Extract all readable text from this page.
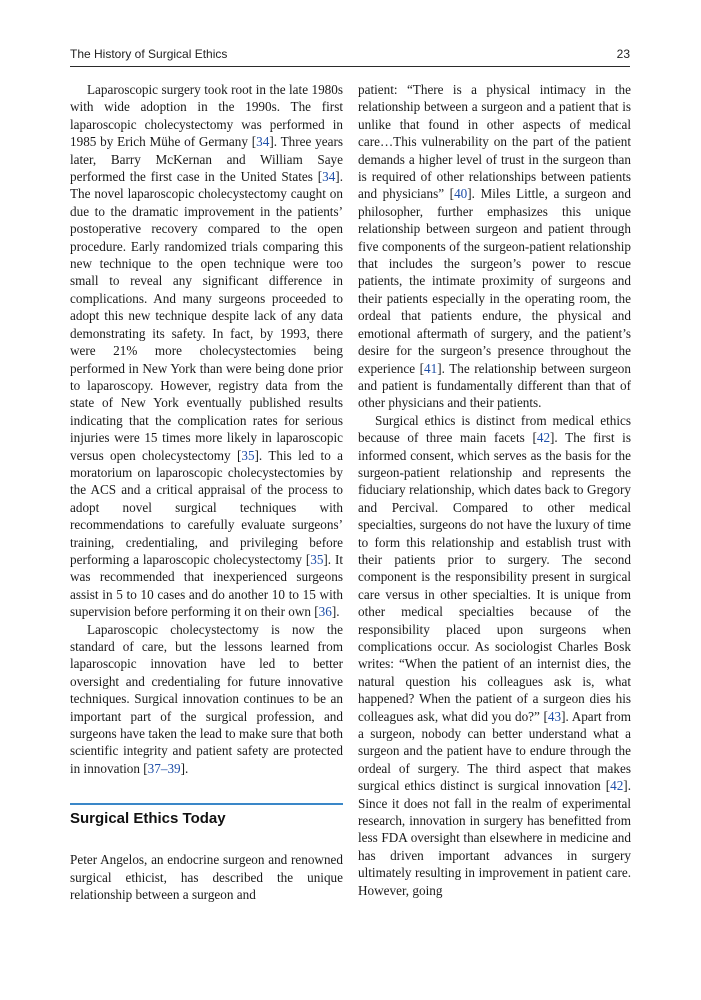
The History of Surgical Ethics	23

Laparoscopic surgery took root in the late 1980s with wide adoption in the 1990s. The first laparoscopic cholecystectomy was performed in 1985 by Erich Mühe of Germany [34]. Three years later, Barry McKernan and William Saye performed the first case in the United States [34]. The novel laparoscopic cholecystectomy caught on due to the dramatic improvement in the patients’ postoperative recovery compared to the open procedure. Early randomized trials comparing this new technique to the open technique were too small to reveal any significant difference in complications. And many surgeons proceeded to adopt this new technique despite lack of any data demonstrating its safety. In fact, by 1993, there were 21% more cholecystectomies being performed in New York than were being done prior to laparoscopy. However, registry data from the state of New York eventually published results indicating that the complication rates for serious injuries were 15 times more likely in laparoscopic versus open cholecystectomy [35]. This led to a moratorium on laparoscopic cholecystectomies by the ACS and a critical appraisal of the process to adopt novel surgical techniques with recommendations to carefully evaluate surgeons’ training, credentialing, and privileging before performing a laparoscopic cholecystectomy [35]. It was recommended that inexperienced surgeons assist in 5 to 10 cases and do another 10 to 15 with supervision before performing it on their own [36].

Laparoscopic cholecystectomy is now the standard of care, but the lessons learned from laparoscopic innovation have led to better oversight and credentialing for future innovative techniques. Surgical innovation continues to be an important part of the surgical profession, and surgeons have taken the lead to make sure that both scientific integrity and patient safety are protected in innovation [37–39].

Surgical Ethics Today

Peter Angelos, an endocrine surgeon and renowned surgical ethicist, has described the unique relationship between a surgeon and

patient: “There is a physical intimacy in the relationship between a surgeon and a patient that is unlike that found in other aspects of medical care…This vulnerability on the part of the patient demands a higher level of trust in the surgeon than is required of other relationships between patients and physicians” [40]. Miles Little, a surgeon and philosopher, further emphasizes this unique relationship between surgeon and patient through five components of the surgeon-patient relationship that includes the surgeon’s power to rescue patients, the intimate proximity of surgeons and their patients especially in the operating room, the ordeal that patients endure, the physical and emotional aftermath of surgery, and the patient’s desire for the surgeon’s presence throughout the experience [41]. The relationship between surgeon and patient is fundamentally different than that of other physicians and their patients.

Surgical ethics is distinct from medical ethics because of three main facets [42]. The first is informed consent, which serves as the basis for the surgeon-patient relationship and represents the fiduciary relationship, which dates back to Gregory and Percival. Compared to other medical specialties, surgeons do not have the luxury of time to form this relationship and establish trust with their patients prior to surgery. The second component is the responsibility present in surgical care versus in other specialties. It is unique from other medical specialties because of the responsibility placed upon surgeons when complications occur. As sociologist Charles Bosk writes: “When the patient of an internist dies, the natural question his colleagues ask is, what happened? When the patient of a surgeon dies his colleagues ask, what did you do?” [43]. Apart from a surgeon, nobody can better understand what a surgeon and the patient have to endure through the ordeal of surgery. The third aspect that makes surgical ethics distinct is surgical innovation [42]. Since it does not fall in the realm of experimental research, innovation in surgery has benefitted from less FDA oversight than elsewhere in medicine and has driven important advances in surgery ultimately resulting in improvement in patient care. However, going
